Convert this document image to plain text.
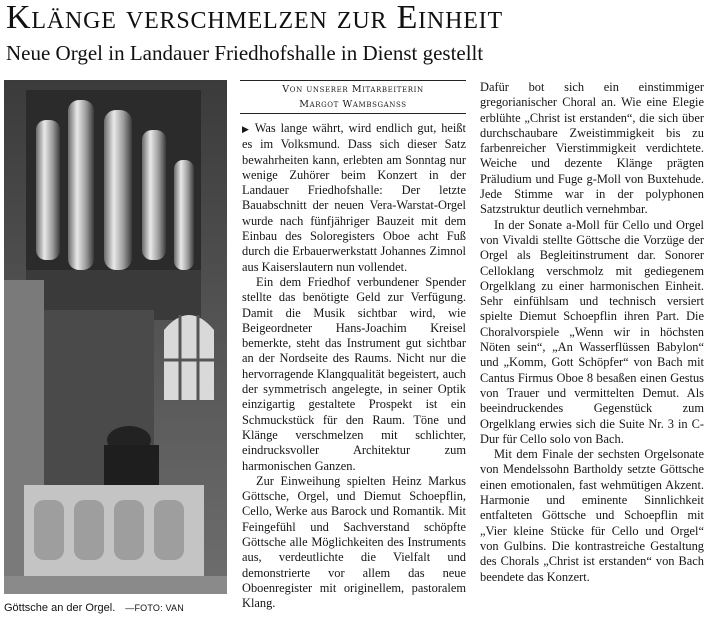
Klänge verschmelzen zur Einheit
Neue Orgel in Landauer Friedhofshalle in Dienst gestellt
Göttsche an der Orgel. —FOTO: VAN
Von unserer Mitarbeiterin
Margot Wambsganss

▶ Was lange währt, wird endlich gut, heißt es im Volksmund. Dass sich dieser Satz bewahrheiten kann, erlebten am Sonntag nur wenige Zuhörer beim Konzert in der Landauer Friedhofshalle: Der letzte Bauabschnitt der neuen Vera-Warstat-Orgel wurde nach fünfjähriger Bauzeit mit dem Einbau des Soloregisters Oboe acht Fuß durch die Erbauerwerkstatt Johannes Zimnol aus Kaiserslautern nun vollendet.

Ein dem Friedhof verbundener Spender stellte das benötigte Geld zur Verfügung. Damit die Musik sichtbar wird, wie Beigeordneter Hans-Joachim Kreisel bemerkte, steht das Instrument gut sichtbar an der Nordseite des Raums. Nicht nur die hervorragende Klangqualität begeistert, auch der symmetrisch angelegte, in seiner Optik einzigartig gestaltete Prospekt ist ein Schmuckstück für den Raum. Töne und Klänge verschmelzen mit schlichter, eindrucksvoller Architektur zum harmonischen Ganzen.

Zur Einweihung spielten Heinz Markus Göttsche, Orgel, und Diemut Schoepflin, Cello, Werke aus Barock und Romantik. Mit Feingefühl und Sachverstand schöpfte Göttsche alle Möglichkeiten des Instruments aus, verdeutlichte die Vielfalt und demonstrierte vor allem das neue Oboenregister mit originellem, pastoralem Klang.

Dafür bot sich ein einstimmiger gregorianischer Choral an. Wie eine Elegie erblühte „Christ ist erstanden“, die sich über durchschaubare Zweistimmigkeit bis zu farbenreicher Vierstimmigkeit verdichtete. Weiche und dezente Klänge prägten Präludium und Fuge g-Moll von Buxtehude. Jede Stimme war in der polyphonen Satzstruktur deutlich vernehmbar.

In der Sonate a-Moll für Cello und Orgel von Vivaldi stellte Göttsche die Vorzüge der Orgel als Begleitinstrument dar. Sonorer Celloklang verschmolz mit gediegenem Orgelklang zu einer harmonischen Einheit. Sehr einfühlsam und technisch versiert spielte Diemut Schoepflin ihren Part. Die Choralvorspiele „Wenn wir in höchsten Nöten sein“, „An Wasserflüssen Babylon“ und „Komm, Gott Schöpfer“ von Bach mit Cantus Firmus Oboe 8 besaßen einen Gestus von Trauer und vermittelten Demut. Als beeindruckendes Gegenstück zum Orgelklang erwies sich die Suite Nr. 3 in C-Dur für Cello solo von Bach.

Mit dem Finale der sechsten Orgelsonate von Mendelssohn Bartholdy setzte Göttsche einen emotionalen, fast wehmütigen Akzent. Harmonie und eminente Sinnlichkeit entfalteten Göttsche und Schoepflin mit „Vier kleine Stücke für Cello und Orgel“ von Gulbins. Die kontrastreiche Gestaltung des Chorals „Christ ist erstanden“ von Bach beendete das Konzert.
